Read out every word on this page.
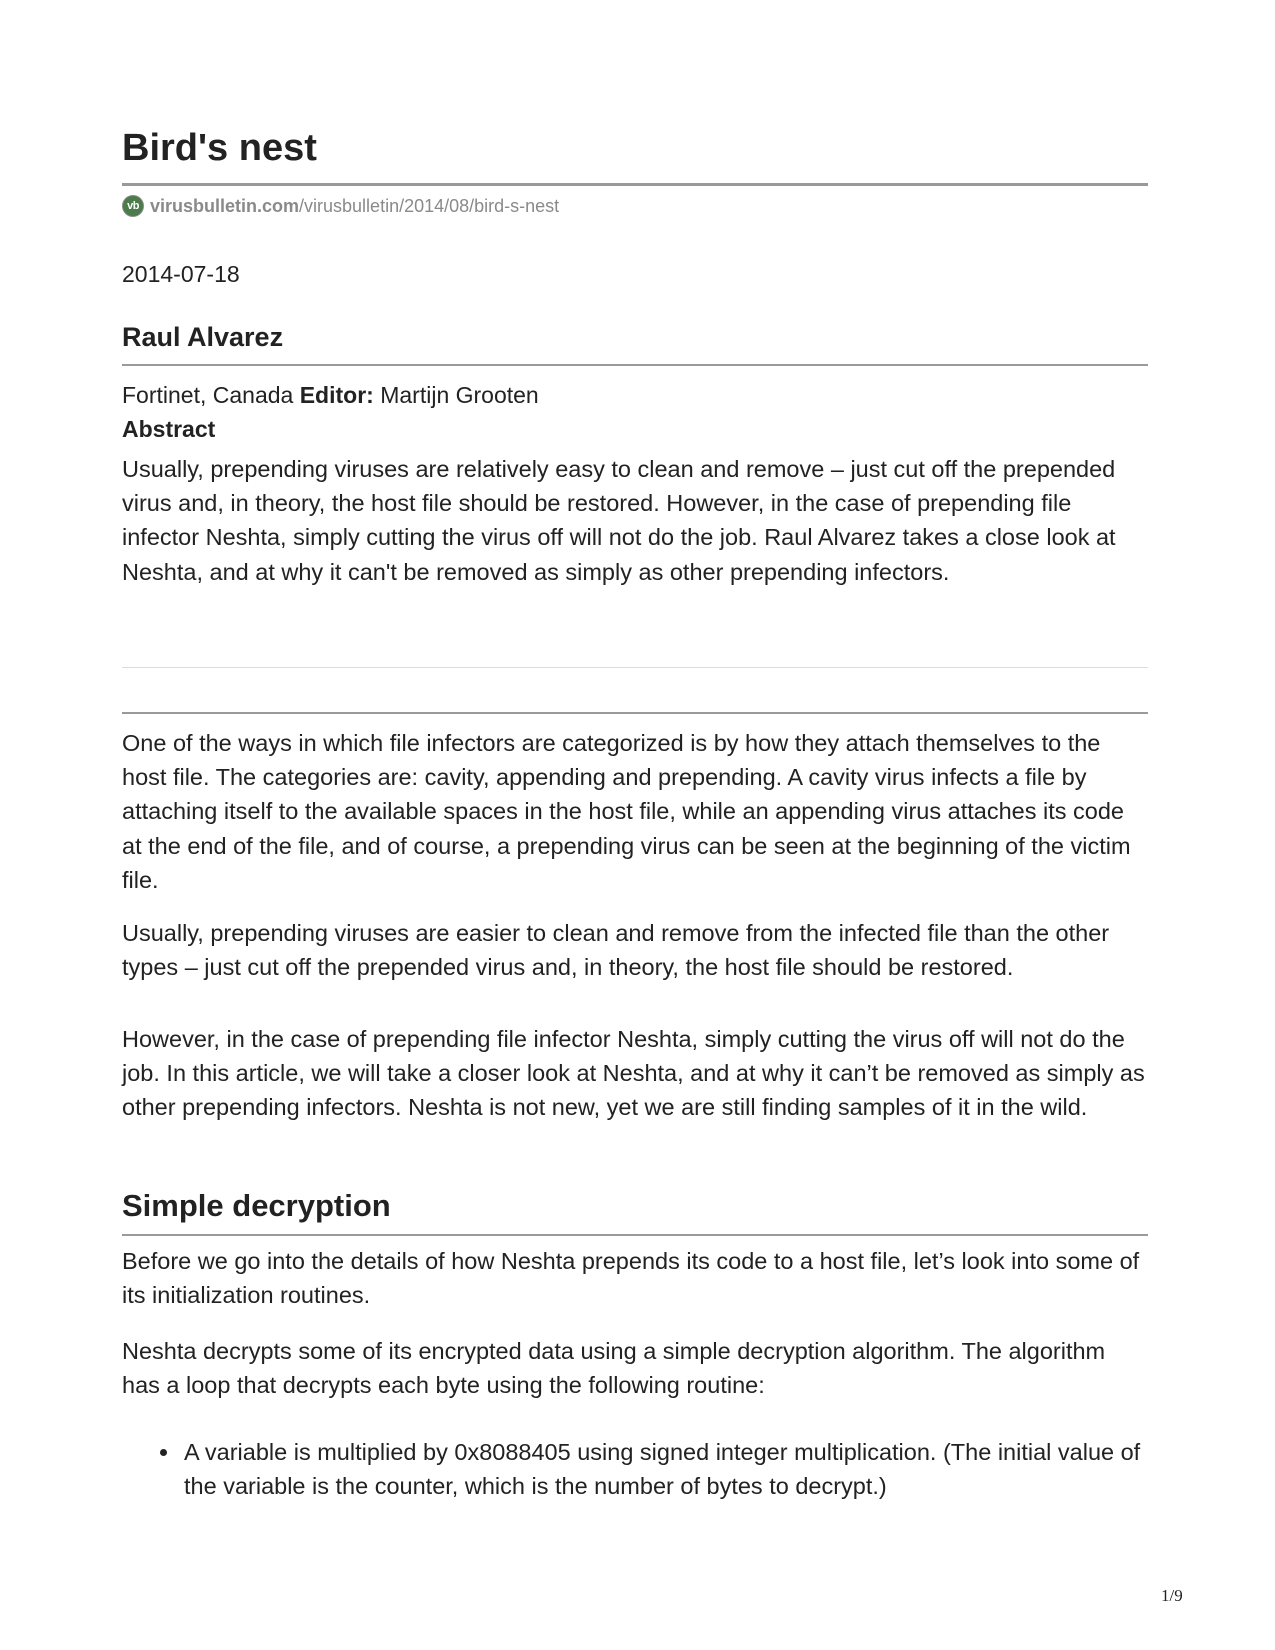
Bird's nest
vb virusbulletin.com /virusbulletin/2014/08/bird-s-nest
2014-07-18
Raul Alvarez
Fortinet, Canada Editor: Martijn Grooten
Abstract

Usually, prepending viruses are relatively easy to clean and remove – just cut off the prepended virus and, in theory, the host file should be restored. However, in the case of prepending file infector Neshta, simply cutting the virus off will not do the job. Raul Alvarez takes a close look at Neshta, and at why it can't be removed as simply as other prepending infectors.

One of the ways in which file infectors are categorized is by how they attach themselves to the host file. The categories are: cavity, appending and prepending. A cavity virus infects a file by attaching itself to the available spaces in the host file, while an appending virus attaches its code at the end of the file, and of course, a prepending virus can be seen at the beginning of the victim file.

Usually, prepending viruses are easier to clean and remove from the infected file than the other types – just cut off the prepended virus and, in theory, the host file should be restored.

However, in the case of prepending file infector Neshta, simply cutting the virus off will not do the job. In this article, we will take a closer look at Neshta, and at why it can’t be removed as simply as other prepending infectors. Neshta is not new, yet we are still finding samples of it in the wild.

Simple decryption

Before we go into the details of how Neshta prepends its code to a host file, let’s look into some of its initialization routines.

Neshta decrypts some of its encrypted data using a simple decryption algorithm. The algorithm has a loop that decrypts each byte using the following routine:

A variable is multiplied by 0x8088405 using signed integer multiplication. (The initial value of the variable is the counter, which is the number of bytes to decrypt.)
1/9
